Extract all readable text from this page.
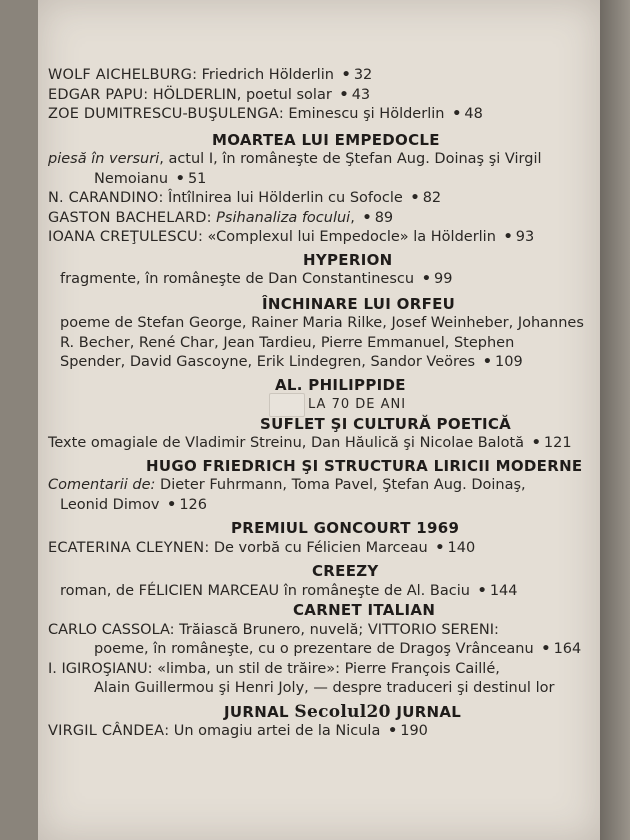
WOLF AICHELBURG: Friedrich Hölderlin • 32
EDGAR PAPU: HÖLDERLIN, poetul solar • 43
ZOE DUMITRESCU-BUŞULENGA: Eminescu şi Hölderlin • 48
MOARTEA LUI EMPEDOCLE
piesă în versuri, actul I, în româneşte de Ştefan Aug. Doinaş şi Virgil
Nemoianu • 51
N. CARANDINO: Întîlnirea lui Hölderlin cu Sofocle • 82
GASTON BACHELARD: Psihanaliza focului, • 89
IOANA CREŢULESCU: «Complexul lui Empedocle» la Hölderlin • 93
HYPERION
fragmente, în româneşte de Dan Constantinescu • 99
ÎNCHINARE LUI ORFEU
poeme de Stefan George, Rainer Maria Rilke, Josef Weinheber, Johannes
R. Becher, René Char, Jean Tardieu, Pierre Emmanuel, Stephen
Spender, David Gascoyne, Erik Lindegren, Sandor Veöres • 109
AL. PHILIPPIDE
LA 70 DE ANI
SUFLET ŞI CULTURĂ POETICĂ
Texte omagiale de Vladimir Streinu, Dan Hăulică şi Nicolae Balotă • 121
HUGO FRIEDRICH ŞI STRUCTURA LIRICII MODERNE
Comentarii de: Dieter Fuhrmann, Toma Pavel, Ştefan Aug. Doinaş,
Leonid Dimov • 126
PREMIUL GONCOURT 1969
ECATERINA CLEYNEN: De vorbă cu Félicien Marceau • 140
CREEZY
roman, de FÉLICIEN MARCEAU în româneşte de Al. Baciu • 144
CARNET ITALIAN
CARLO CASSOLA: Trăiască Brunero, nuvelă; VITTORIO SERENI:
poeme, în româneşte, cu o prezentare de Dragoş Vrânceanu • 164
I. IGIROŞIANU: «limba, un stil de trăire»: Pierre François Caillé,
Alain Guillermou şi Henri Joly, — despre traduceri şi destinul lor
JURNAL Secolul20 JURNAL
VIRGIL CÂNDEA: Un omagiu artei de la Nicula • 190
